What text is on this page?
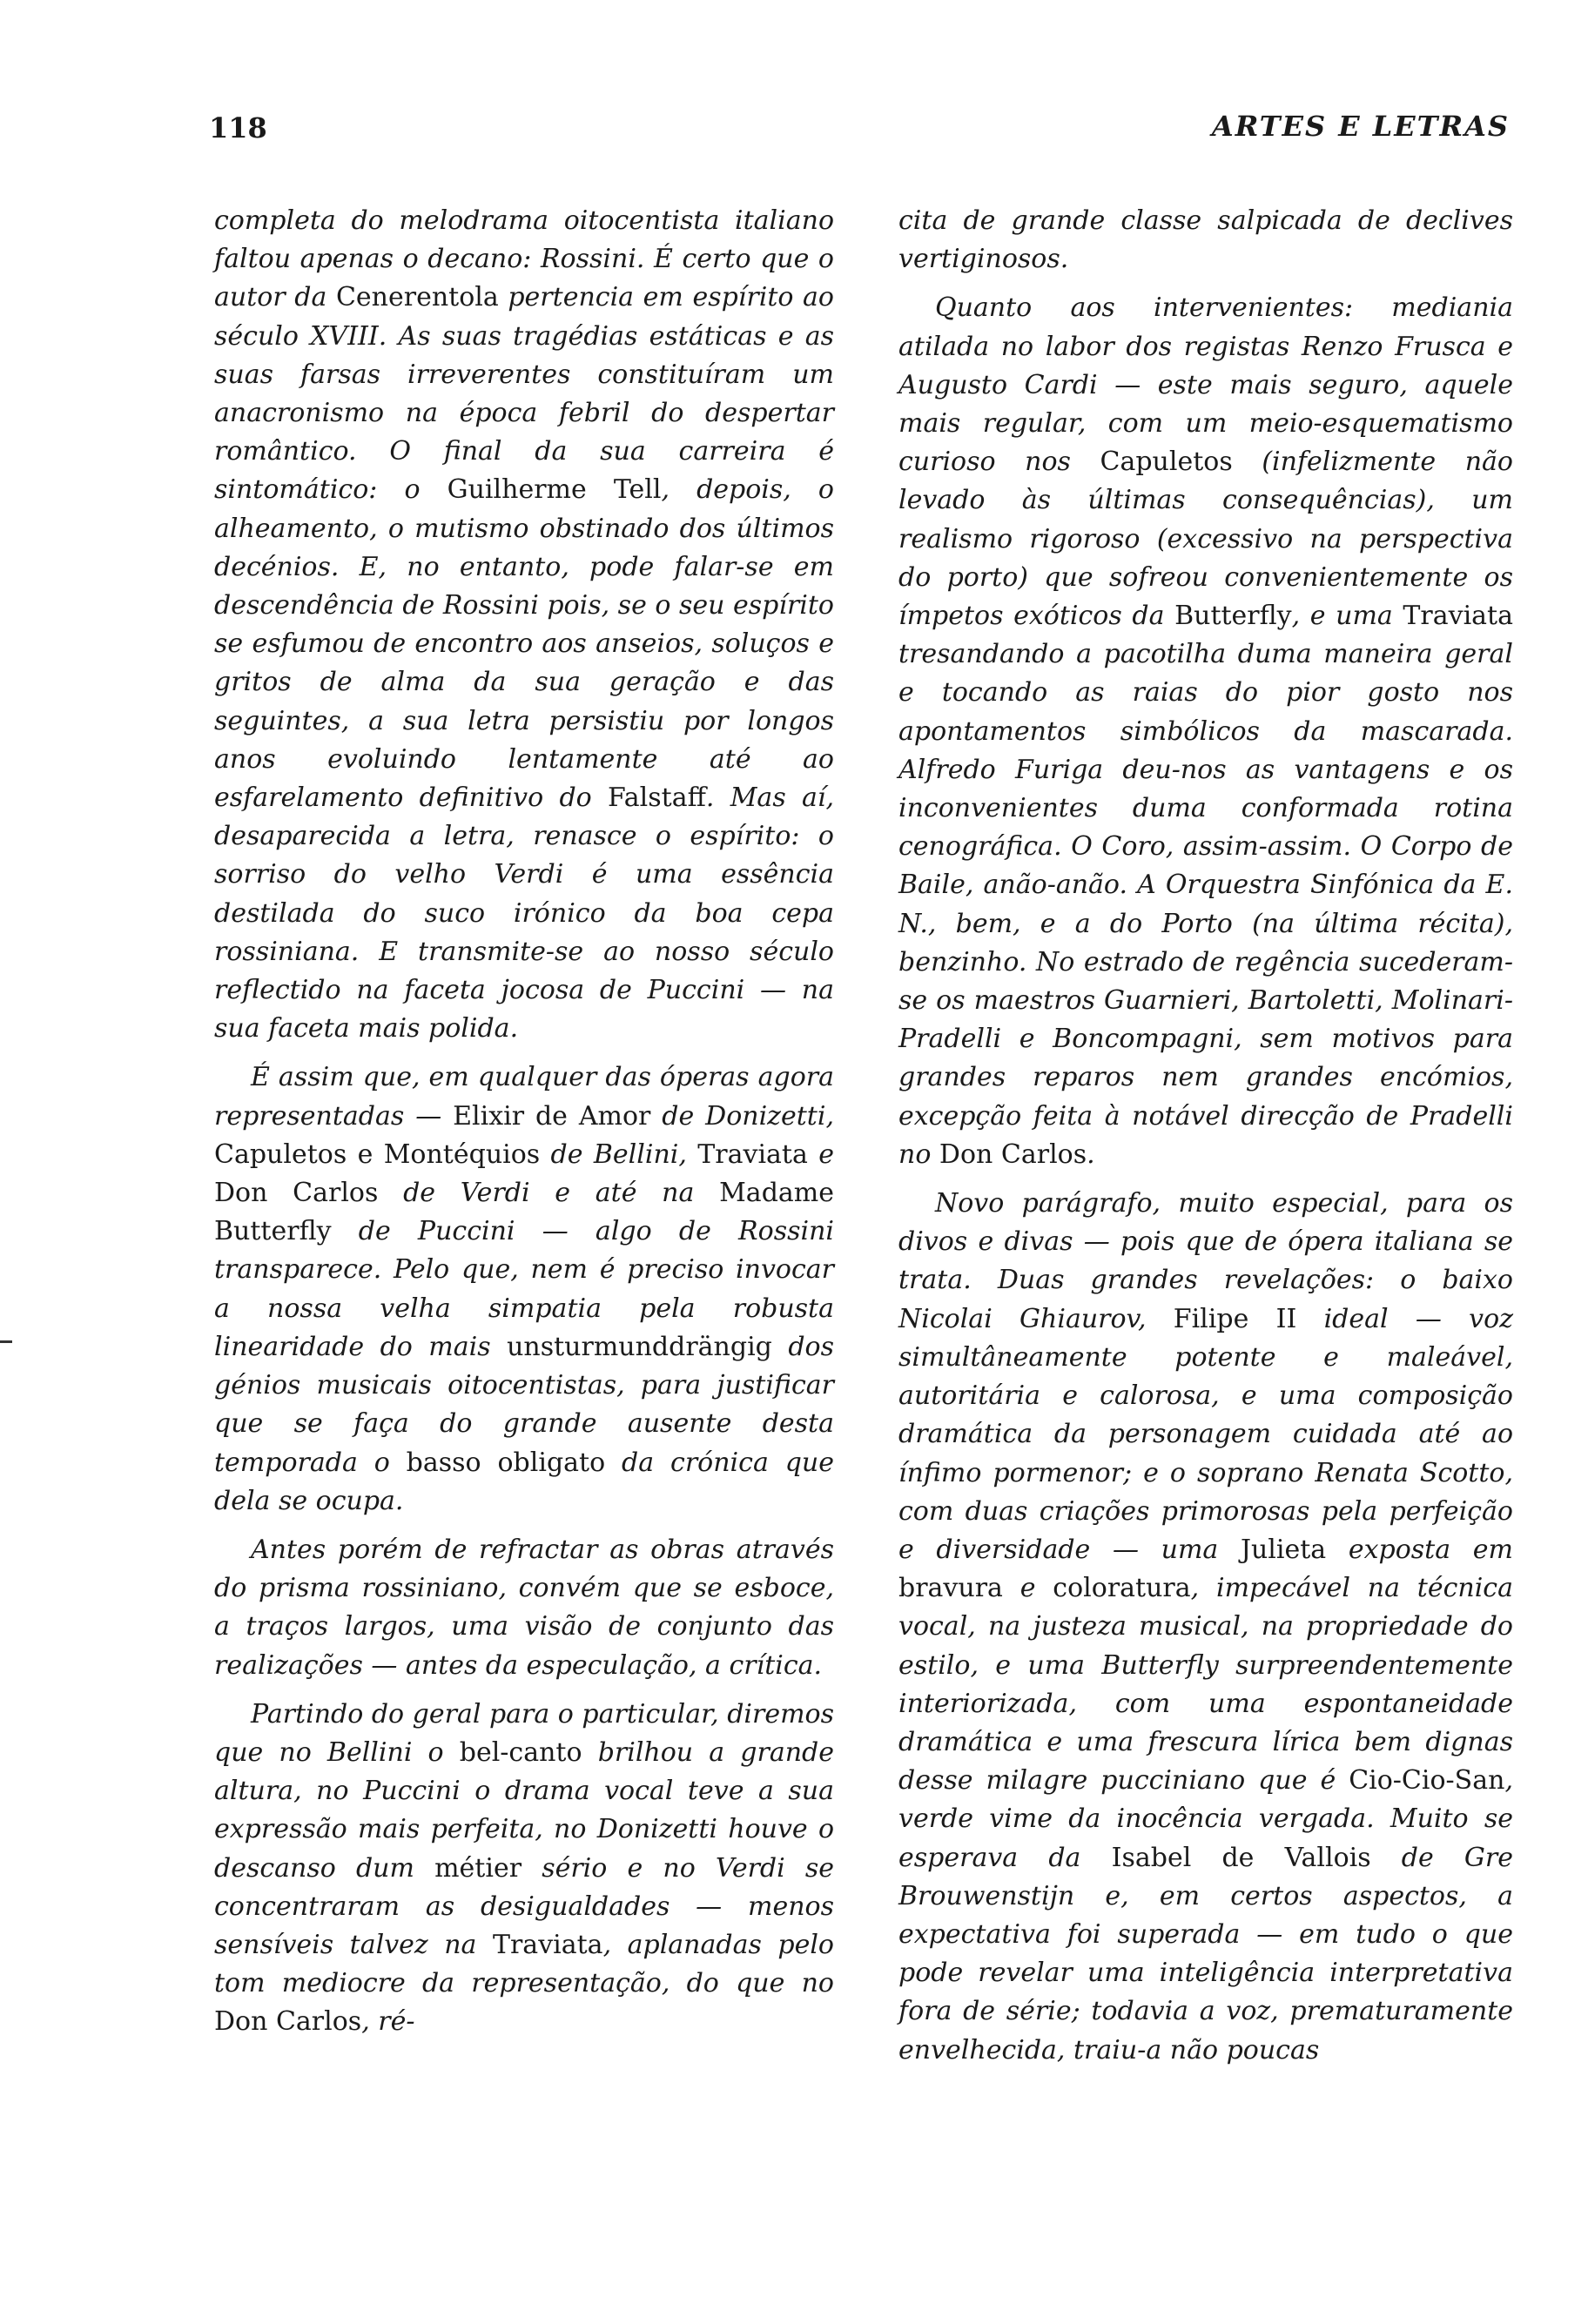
118	ARTES E LETRAS

completa do melodrama oitocentista italiano faltou apenas o decano: Rossini. É certo que o autor da Cenerentola pertencia em espírito ao século XVIII. As suas tragédias estáticas e as suas farsas irreverentes constituíram um anacronismo na época febril do despertar romântico. O final da sua carreira é sintomático: o Guilherme Tell, depois, o alheamento, o mutismo obstinado dos últimos decénios. E, no entanto, pode falar-se em descendência de Rossini pois, se o seu espírito se esfumou de encontro aos anseios, soluços e gritos de alma da sua geração e das seguintes, a sua letra persistiu por longos anos evoluindo lentamente até ao esfarelamento definitivo do Falstaff. Mas aí, desaparecida a letra, renasce o espírito: o sorriso do velho Verdi é uma essência destilada do suco irónico da boa cepa rossiniana. E transmite-se ao nosso século reflectido na faceta jocosa de Puccini — na sua faceta mais polida.

É assim que, em qualquer das óperas agora representadas — Elixir de Amor de Donizetti, Capuletos e Montéquios de Bellini, Traviata e Don Carlos de Verdi e até na Madame Butterfly de Puccini — algo de Rossini transparece. Pelo que, nem é preciso invocar a nossa velha simpatia pela robusta linearidade do mais unsturmunddrängig dos génios musicais oitocentistas, para justificar que se faça do grande ausente desta temporada o basso obligato da crónica que dela se ocupa.

Antes porém de refractar as obras através do prisma rossiniano, convém que se esboce, a traços largos, uma visão de conjunto das realizações — antes da especulação, a crítica.

Partindo do geral para o particular, diremos que no Bellini o bel-canto brilhou a grande altura, no Puccini o drama vocal teve a sua expressão mais perfeita, no Donizetti houve o descanso dum métier sério e no Verdi se concentraram as desigualdades — menos sensíveis talvez na Traviata, aplanadas pelo tom mediocre da representação, do que no Don Carlos, ré-

cita de grande classe salpicada de declives vertiginosos.

Quanto aos intervenientes: mediania atilada no labor dos registas Renzo Frusca e Augusto Cardi — este mais seguro, aquele mais regular, com um meio-esquematismo curioso nos Capuletos (infelizmente não levado às últimas consequências), um realismo rigoroso (excessivo na perspectiva do porto) que sofreou convenientemente os ímpetos exóticos da Butterfly, e uma Traviata tresandando a pacotilha duma maneira geral e tocando as raias do pior gosto nos apontamentos simbólicos da mascarada. Alfredo Furiga deu-nos as vantagens e os inconvenientes duma conformada rotina cenográfica. O Coro, assim-assim. O Corpo de Baile, anão-anão. A Orquestra Sinfónica da E. N., bem, e a do Porto (na última récita), benzinho. No estrado de regência sucederam-se os maestros Guarnieri, Bartoletti, Molinari-Pradelli e Boncompagni, sem motivos para grandes reparos nem grandes encómios, excepção feita à notável direcção de Pradelli no Don Carlos.

Novo parágrafo, muito especial, para os divos e divas — pois que de ópera italiana se trata. Duas grandes revelações: o baixo Nicolai Ghiaurov, Filipe II ideal — voz simultâneamente potente e maleável, autoritária e calorosa, e uma composição dramática da personagem cuidada até ao ínfimo pormenor; e o soprano Renata Scotto, com duas criações primorosas pela perfeição e diversidade — uma Julieta exposta em bravura e coloratura, impecável na técnica vocal, na justeza musical, na propriedade do estilo, e uma Butterfly surpreendentemente interiorizada, com uma espontaneidade dramática e uma frescura lírica bem dignas desse milagre pucciniano que é Cio-Cio-San, verde vime da inocência vergada. Muito se esperava da Isabel de Vallois de Gre Brouwenstijn e, em certos aspectos, a expectativa foi superada — em tudo o que pode revelar uma inteligência interpretativa fora de série; todavia a voz, prematuramente envelhecida, traiu-a não poucas
